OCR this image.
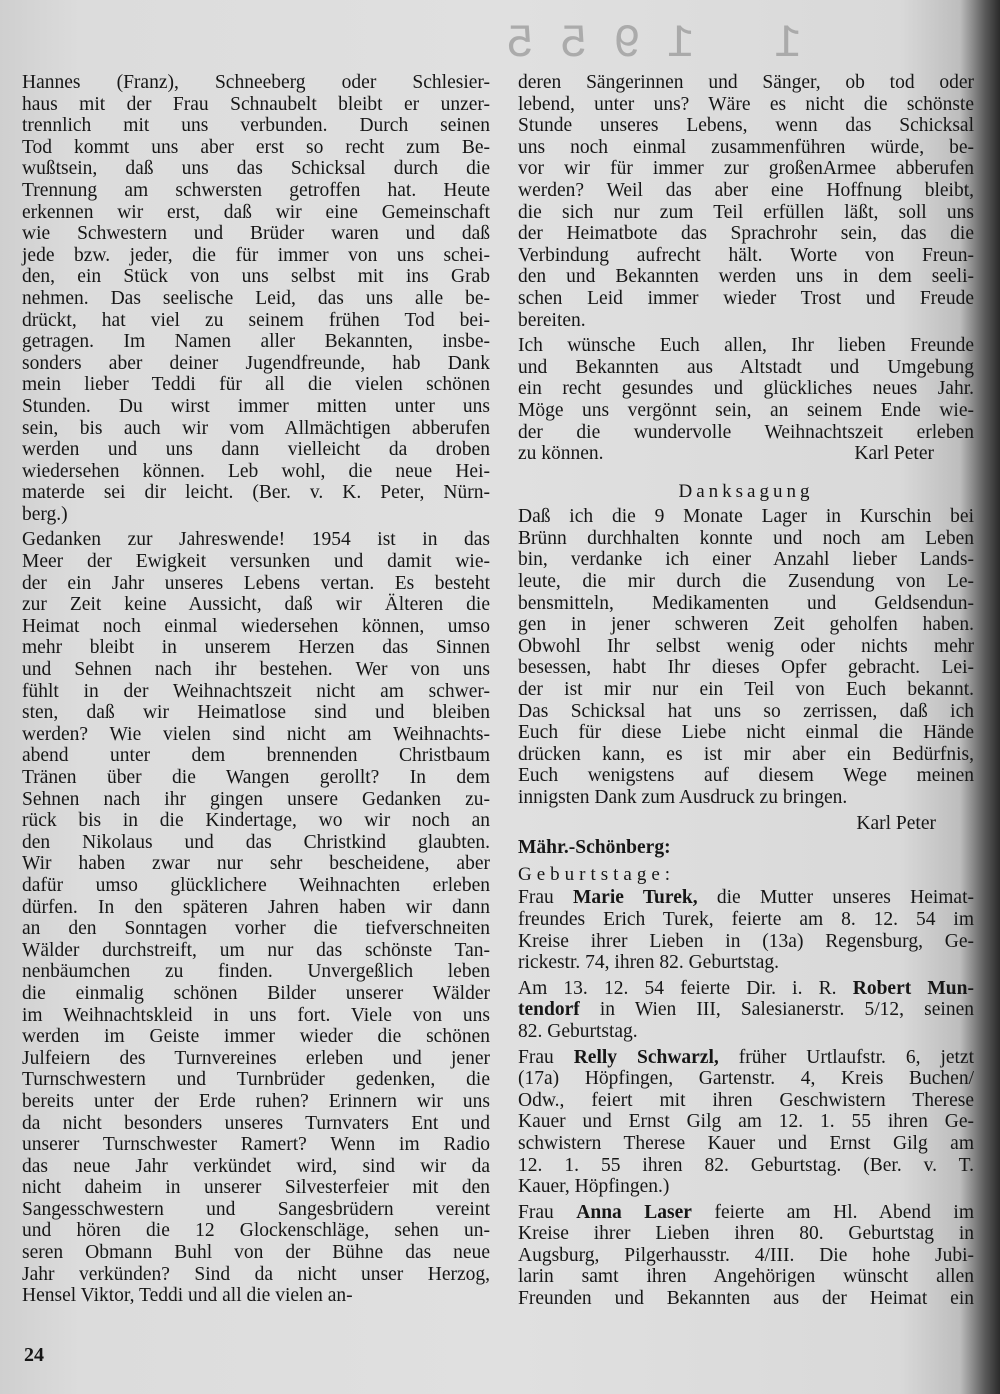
1 1955
Hannes (Franz), Schneeberg oder Schlesier-
haus mit der Frau Schnaubelt bleibt er unzer-
trennlich mit uns verbunden. Durch seinen
Tod kommt uns aber erst so recht zum Be-
wußtsein, daß uns das Schicksal durch die
Trennung am schwersten getroffen hat. Heute
erkennen wir erst, daß wir eine Gemeinschaft
wie Schwestern und Brüder waren und daß
jede bzw. jeder, die für immer von uns schei-
den, ein Stück von uns selbst mit ins Grab
nehmen. Das seelische Leid, das uns alle be-
drückt, hat viel zu seinem frühen Tod bei-
getragen. Im Namen aller Bekannten, insbe-
sonders aber deiner Jugendfreunde, hab Dank
mein lieber Teddi für all die vielen schönen
Stunden. Du wirst immer mitten unter uns
sein, bis auch wir vom Allmächtigen abberufen
werden und uns dann vielleicht da droben
wiedersehen können. Leb wohl, die neue Hei-
materde sei dir leicht. (Ber. v. K. Peter, Nürn-
berg.)
Gedanken zur Jahreswende! 1954 ist in das
Meer der Ewigkeit versunken und damit wie-
der ein Jahr unseres Lebens vertan. Es besteht
zur Zeit keine Aussicht, daß wir Älteren die
Heimat noch einmal wiedersehen können, umso
mehr bleibt in unserem Herzen das Sinnen
und Sehnen nach ihr bestehen. Wer von uns
fühlt in der Weihnachtszeit nicht am schwer-
sten, daß wir Heimatlose sind und bleiben
werden? Wie vielen sind nicht am Weihnachts-
abend unter dem brennenden Christbaum
Tränen über die Wangen gerollt? In dem
Sehnen nach ihr gingen unsere Gedanken zu-
rück bis in die Kindertage, wo wir noch an
den Nikolaus und das Christkind glaubten.
Wir haben zwar nur sehr bescheidene, aber
dafür umso glücklichere Weihnachten erleben
dürfen. In den späteren Jahren haben wir dann
an den Sonntagen vorher die tiefverschneiten
Wälder durchstreift, um nur das schönste Tan-
nenbäumchen zu finden. Unvergeßlich leben
die einmalig schönen Bilder unserer Wälder
im Weihnachtskleid in uns fort. Viele von uns
werden im Geiste immer wieder die schönen
Julfeiern des Turnvereines erleben und jener
Turnschwestern und Turnbrüder gedenken, die
bereits unter der Erde ruhen? Erinnern wir uns
da nicht besonders unseres Turnvaters Ent und
unserer Turnschwester Ramert? Wenn im Radio
das neue Jahr verkündet wird, sind wir da
nicht daheim in unserer Silvesterfeier mit den
Sangesschwestern und Sangesbrüdern vereint
und hören die 12 Glockenschläge, sehen un-
seren Obmann Buhl von der Bühne das neue
Jahr verkünden? Sind da nicht unser Herzog,
Hensel Viktor, Teddi und all die vielen an-
deren Sängerinnen und Sänger, ob tod oder
lebend, unter uns? Wäre es nicht die schönste
Stunde unseres Lebens, wenn das Schicksal
uns noch einmal zusammenführen würde, be-
vor wir für immer zur großenArmee abberufen
werden? Weil das aber eine Hoffnung bleibt,
die sich nur zum Teil erfüllen läßt, soll uns
der Heimatbote das Sprachrohr sein, das die
Verbindung aufrecht hält. Worte von Freun-
den und Bekannten werden uns in dem seeli-
schen Leid immer wieder Trost und Freude
bereiten.
Ich wünsche Euch allen, Ihr lieben Freunde
und Bekannten aus Altstadt und Umgebung
ein recht gesundes und glückliches neues Jahr.
Möge uns vergönnt sein, an seinem Ende wie-
der die wundervolle Weihnachtszeit erleben
zu können.	Karl Peter
Danksagung
Daß ich die 9 Monate Lager in Kurschin bei
Brünn durchhalten konnte und noch am Leben
bin, verdanke ich einer Anzahl lieber Lands-
leute, die mir durch die Zusendung von Le-
bensmitteln, Medikamenten und Geldsendun-
gen in jener schweren Zeit geholfen haben.
Obwohl Ihr selbst wenig oder nichts mehr
besessen, habt Ihr dieses Opfer gebracht. Lei-
der ist mir nur ein Teil von Euch bekannt.
Das Schicksal hat uns so zerrissen, daß ich
Euch für diese Liebe nicht einmal die Hände
drücken kann, es ist mir aber ein Bedürfnis,
Euch wenigstens auf diesem Wege meinen
innigsten Dank zum Ausdruck zu bringen.
Karl Peter
Mähr.-Schönberg:
Geburtstage:
Frau Marie Turek, die Mutter unseres Heimat-
freundes Erich Turek, feierte am 8. 12. 54 im
Kreise ihrer Lieben in (13a) Regensburg, Ge-
rickestr. 74, ihren 82. Geburtstag.
Am 13. 12. 54 feierte Dir. i. R. Robert Mun-
tendorf in Wien III, Salesianerstr. 5/12, seinen
82. Geburtstag.
Frau Relly Schwarzl, früher Urtlaufstr. 6, jetzt
(17a) Höpfingen, Gartenstr. 4, Kreis Buchen/
Odw., feiert mit ihren Geschwistern Therese
Kauer und Ernst Gilg am 12. 1. 55 ihren Ge-
schwistern Therese Kauer und Ernst Gilg am
12. 1. 55 ihren 82. Geburtstag. (Ber. v. T.
Kauer, Höpfingen.)
Frau Anna Laser feierte am Hl. Abend im
Kreise ihrer Lieben ihren 80. Geburtstag in
Augsburg, Pilgerhausstr. 4/III. Die hohe Jubi-
larin samt ihren Angehörigen wünscht allen
Freunden und Bekannten aus der Heimat ein
24
